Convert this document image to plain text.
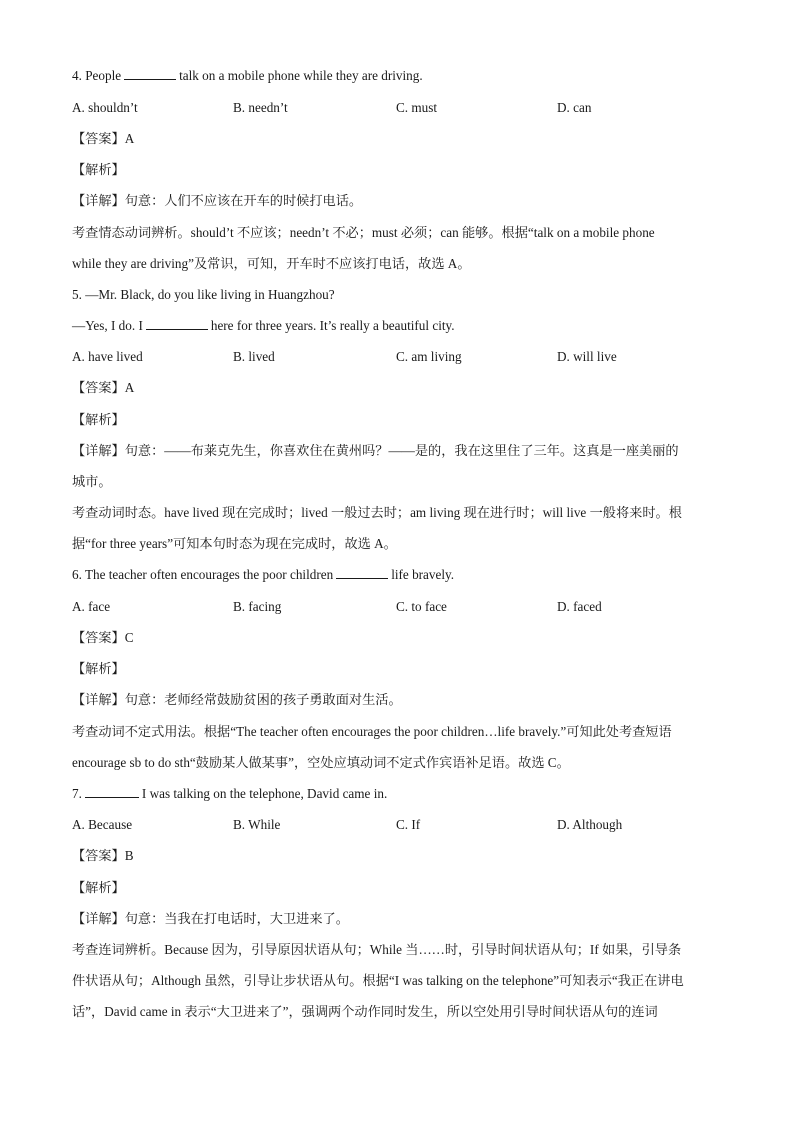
4. People	talk on a mobile phone while they are driving.
A. shouldn’t	B. needn’t	C. must	D. can
【答案】A
【解析】
【详解】句意：人们不应该在开车的时候打电话。
考查情态动词辨析。should’t 不应该；needn’t 不必；must 必须；can 能够。根据“talk on a mobile phone
while they are driving”及常识，可知，开车时不应该打电话，故选 A。
5. —Mr. Black, do you like living in Huangzhou?
—Yes, I do. I	here for three years. It’s really a beautiful city.
A. have lived	B. lived	C. am living	D. will live
【答案】A
【解析】
【详解】句意：——布莱克先生，你喜欢住在黄州吗？——是的，我在这里住了三年。这真是一座美丽的
城市。
考查动词时态。have lived 现在完成时；lived 一般过去时；am living 现在进行时；will live 一般将来时。根
据“for three years”可知本句时态为现在完成时，故选 A。
6. The teacher often encourages the poor children	life bravely.
A. face	B. facing	C. to face	D. faced
【答案】C
【解析】
【详解】句意：老师经常鼓励贫困的孩子勇敢面对生活。
考查动词不定式用法。根据“The teacher often encourages the poor children…life bravely.”可知此处考查短语
encourage sb to do sth“鼓励某人做某事”，空处应填动词不定式作宾语补足语。故选 C。
7.	I was talking on the telephone, David came in.
A. Because	B. While	C. If	D. Although
【答案】B
【解析】
【详解】句意：当我在打电话时，大卫进来了。
考查连词辨析。Because 因为，引导原因状语从句；While 当……时，引导时间状语从句；If 如果，引导条
件状语从句；Although 虽然，引导让步状语从句。根据“I was talking on the telephone”可知表示“我正在讲电
话”，David came in 表示“大卫进来了”，强调两个动作同时发生，所以空处用引导时间状语从句的连词
